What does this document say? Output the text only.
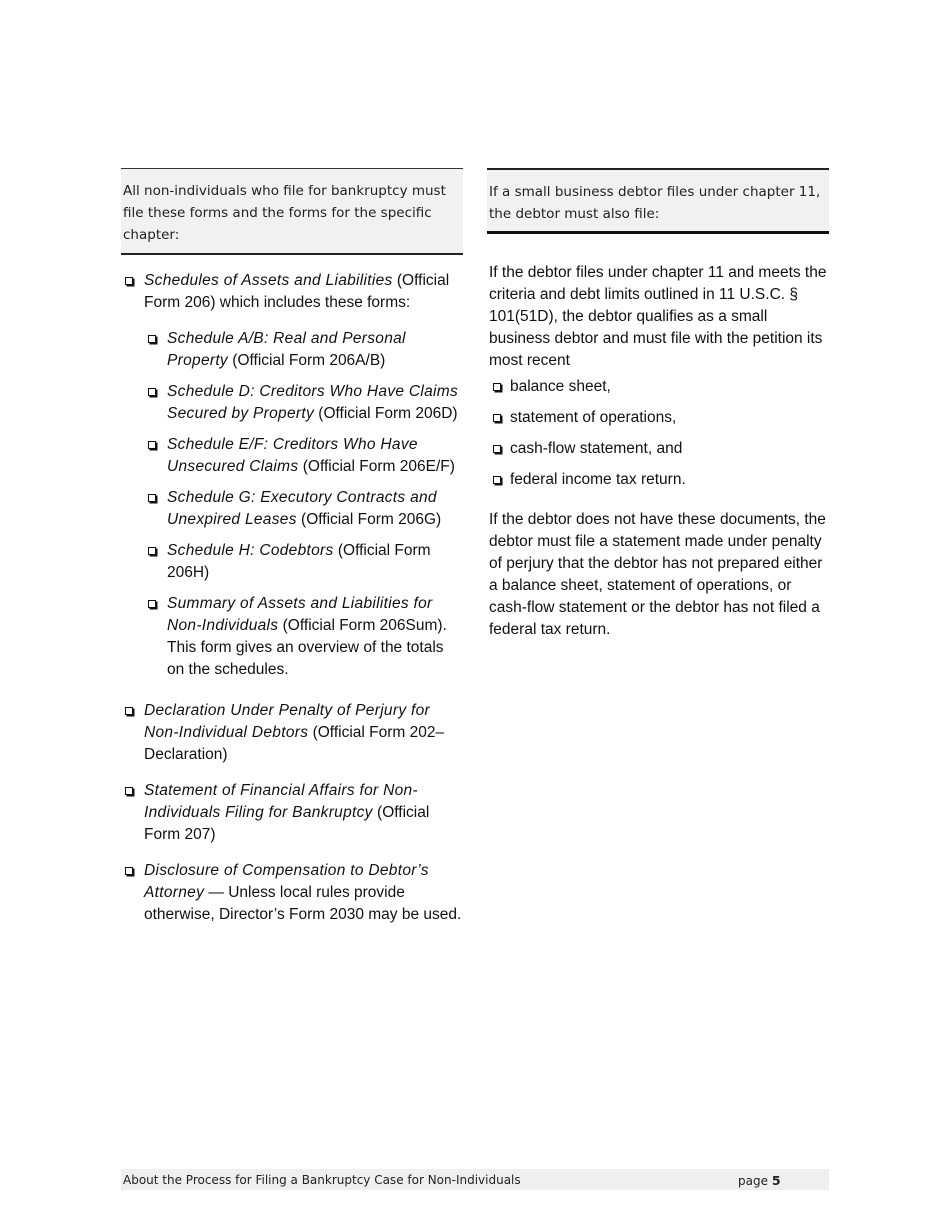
All non-individuals who file for bankruptcy must file these forms and the forms for the specific chapter:
Schedules of Assets and Liabilities (Official Form 206) which includes these forms:
Schedule A/B: Real and Personal Property (Official Form 206A/B)
Schedule D: Creditors Who Have Claims Secured by Property (Official Form 206D)
Schedule E/F: Creditors Who Have Unsecured Claims (Official Form 206E/F)
Schedule G: Executory Contracts and Unexpired Leases (Official Form 206G)
Schedule H: Codebtors (Official Form 206H)
Summary of Assets and Liabilities for Non-Individuals (Official Form 206Sum). This form gives an overview of the totals on the schedules.
Declaration Under Penalty of Perjury for Non-Individual Debtors (Official Form 202–Declaration)
Statement of Financial Affairs for Non-Individuals Filing for Bankruptcy (Official Form 207)
Disclosure of Compensation to Debtor’s Attorney — Unless local rules provide otherwise, Director’s Form 2030 may be used.
If a small business debtor files under chapter 11, the debtor must also file:
If the debtor files under chapter 11 and meets the criteria and debt limits outlined in 11 U.S.C. § 101(51D), the debtor qualifies as a small business debtor and must file with the petition its most recent
balance sheet,
statement of operations,
cash-flow statement, and
federal income tax return.
If the debtor does not have these documents, the debtor must file a statement made under penalty of perjury that the debtor has not prepared either a balance sheet, statement of operations, or cash-flow statement or the debtor has not filed a federal tax return.
About the Process for Filing a Bankruptcy Case for Non-Individuals	page 5
